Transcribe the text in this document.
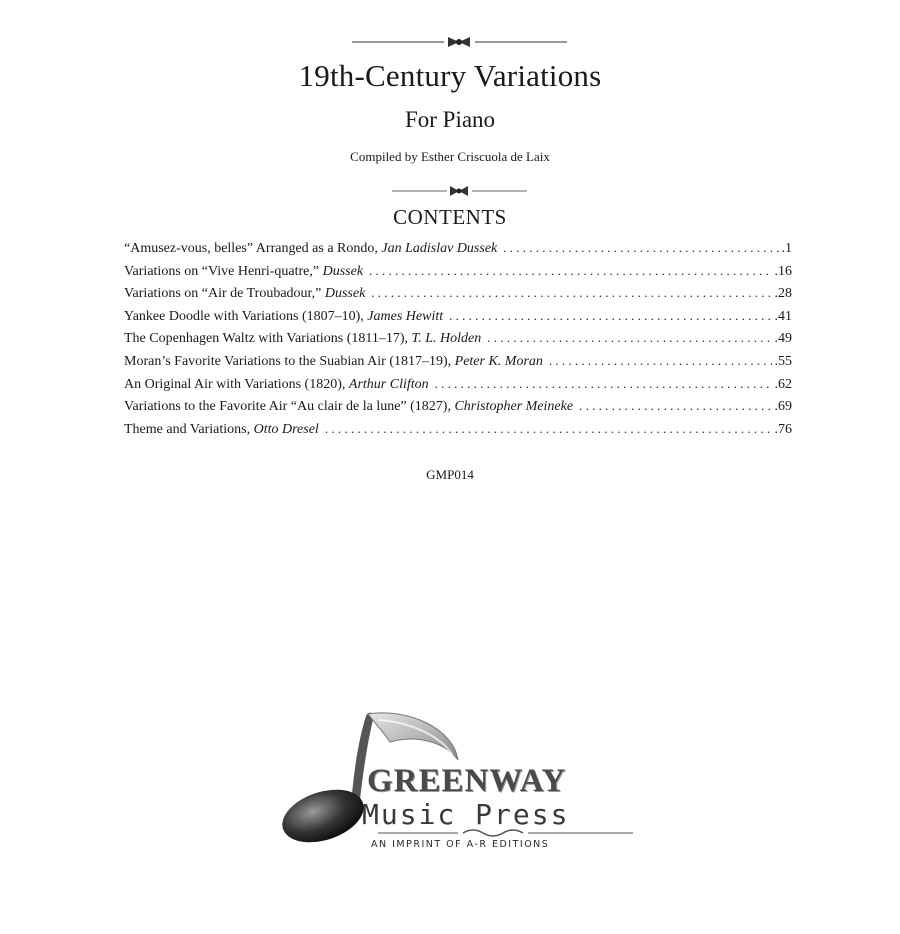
19th-Century Variations
For Piano
Compiled by Esther Criscuola de Laix
CONTENTS
“Amusez-vous, belles” Arranged as a Rondo, Jan Ladislav Dussek . . .	.1
Variations on “Vive Henri-quatre,” Dussek . . .	.16
Variations on “Air de Troubadour,” Dussek . . .	.28
Yankee Doodle with Variations (1807–10), James Hewitt . . .	.41
The Copenhagen Waltz with Variations (1811–17), T. L. Holden . . .	.49
Moran’s Favorite Variations to the Suabian Air (1817–19), Peter K. Moran . . .	.55
An Original Air with Variations (1820), Arthur Clifton . . .	.62
Variations to the Favorite Air “Au clair de la lune” (1827), Christopher Meineke . . .	.69
Theme and Variations, Otto Dresel . . .	.76
GMP014
GREENWAY
Music Press
AN IMPRINT OF A-R EDITIONS
